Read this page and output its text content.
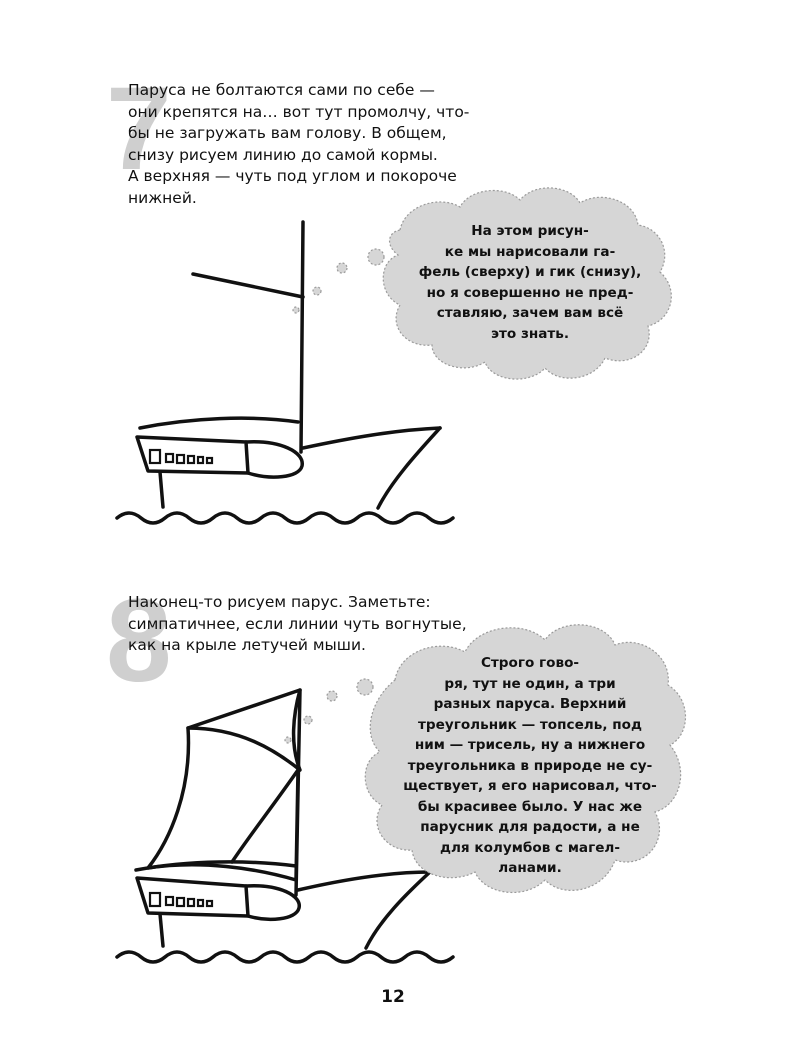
7

Паруса не болтаются сами по себе —
они крепятся на… вот тут промолчу, что-
бы не загружать вам голову. В общем,
снизу рисуем линию до самой кормы.
А верхняя — чуть под углом и покороче
нижней.

На этом рисун-
ке мы нарисовали га-
фель (сверху) и гик (снизу),
но я совершенно не пред-
ставляю, зачем вам всё
это знать.
8

Наконец-то рисуем парус. Заметьте:
симпатичнее, если линии чуть вогнутые,
как на крыле летучей мыши.

Строго гово-
ря, тут не один, а три
разных паруса. Верхний
треугольник — топсель, под
ним — трисель, ну а нижнего
треугольника в природе не су-
ществует, я его нарисовал, что-
бы красивее было. У нас же
парусник для радости, а не
для колумбов с магел-
ланами.
12
